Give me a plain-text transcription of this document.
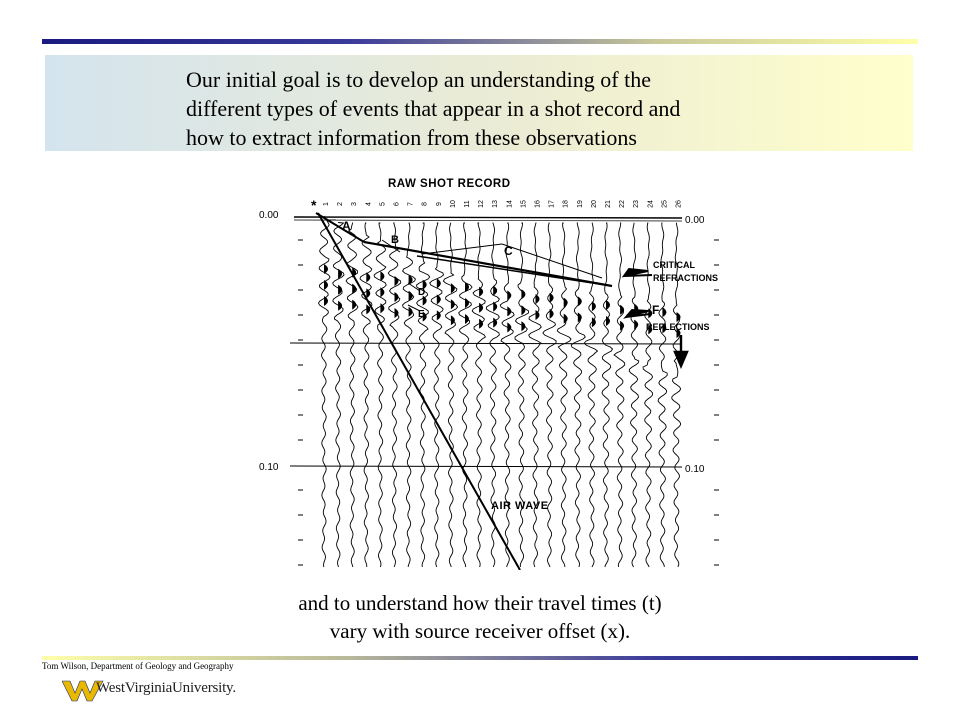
Our initial goal is to develop an understanding of the
different types of events that appear in a shot record and
how to extract information from these observations

RAW SHOT RECORD
* 1 2 3 4 5 6 7 8 9 10 11 12 13 14 15 16 17 18 19 20 21 22 23 24 25 26
0.00	0.00
0.10	0.10
A
B
C
D
E	F
CRITICAL
REFRACTIONS
REFLECTIONS
AIR WAVE

and to understand how their travel times (t)
vary with source receiver offset (x).

Tom Wilson, Department of Geology and Geography
WestVirginiaUniversity.
